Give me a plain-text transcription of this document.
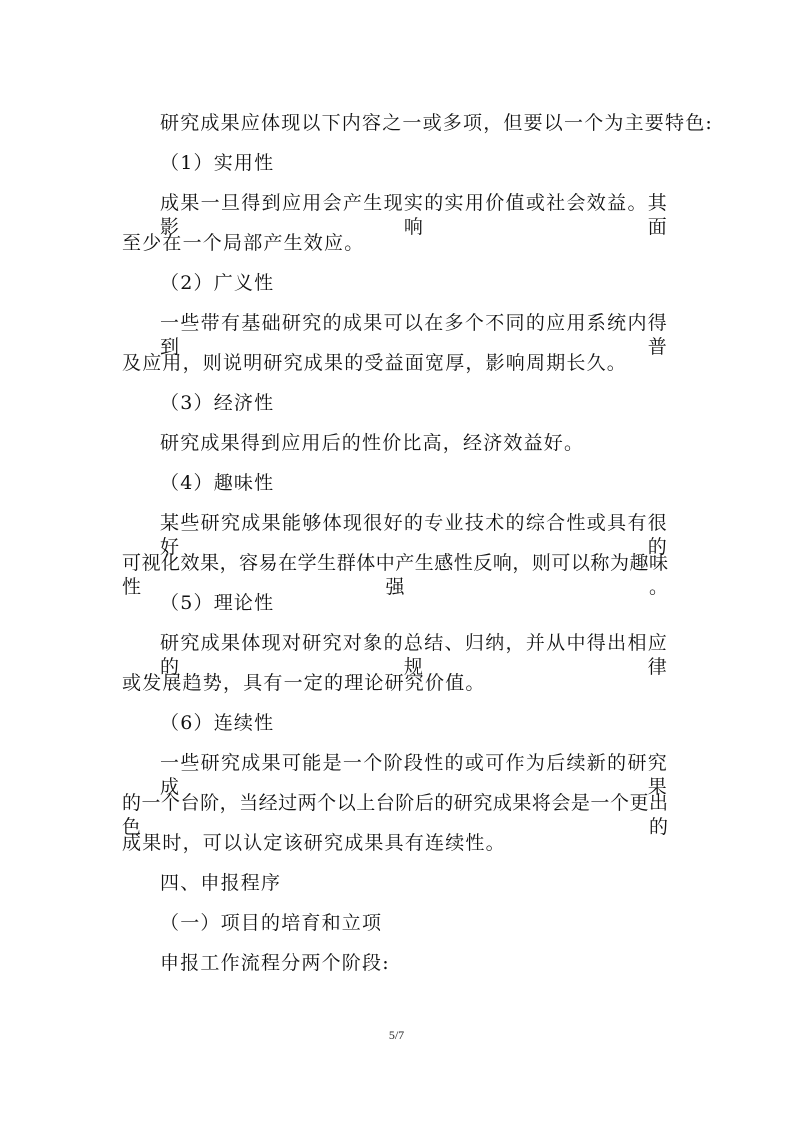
研究成果应体现以下内容之一或多项，但要以一个为主要特色:
（1）实用性
成果一旦得到应用会产生现实的实用价值或社会效益。其影响面
至少在一个局部产生效应。
（2）广义性
一些带有基础研究的成果可以在多个不同的应用系统内得到普
及应用，则说明研究成果的受益面宽厚，影响周期长久。
（3）经济性
研究成果得到应用后的性价比高，经济效益好。
（4）趣味性
某些研究成果能够体现很好的专业技术的综合性或具有很好的
可视化效果，容易在学生群体中产生感性反响，则可以称为趣味性强。
（5）理论性
研究成果体现对研究对象的总结、归纳，并从中得出相应的规律
或发展趋势，具有一定的理论研究价值。
（6）连续性
一些研究成果可能是一个阶段性的或可作为后续新的研究成果
的一个台阶，当经过两个以上台阶后的研究成果将会是一个更出色的
成果时，可以认定该研究成果具有连续性。
四、申报程序
（一）项目的培育和立项
申报工作流程分两个阶段:
5/7
